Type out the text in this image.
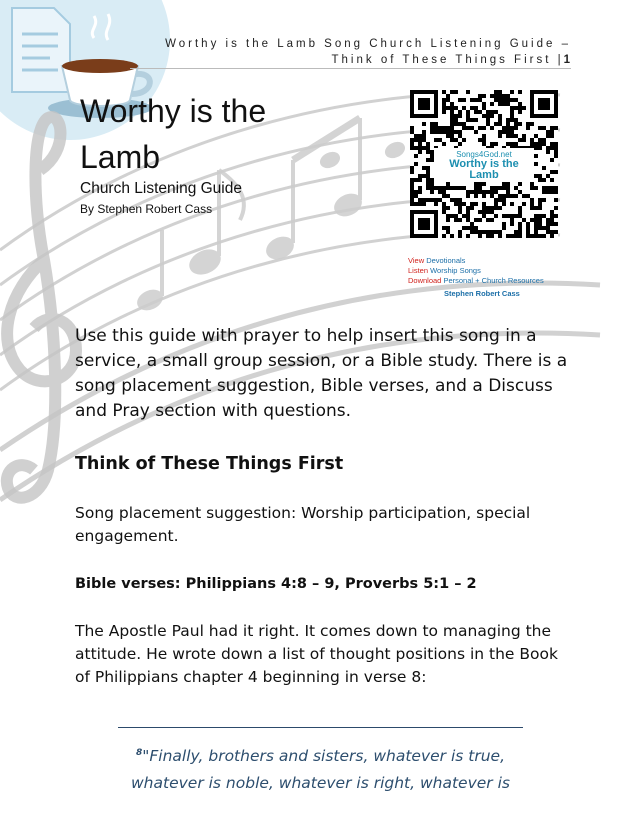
Worthy is the Lamb Song Church Listening Guide –
Think of These Things First |1
Worthy is the Lamb
Church Listening Guide
By Stephen Robert Cass
Songs4God.net
Worthy is the Lamb
View Devotionals
Listen Worship Songs
Download Personal + Church Resources
Stephen Robert Cass

Use this guide with prayer to help insert this song in a service, a small group session, or a Bible study. There is a song placement suggestion, Bible verses, and a Discuss and Pray section with questions.

Think of These Things First

Song placement suggestion: Worship participation, special engagement.

Bible verses: Philippians 4:8 – 9, Proverbs 5:1 – 2

The Apostle Paul had it right. It comes down to managing the attitude. He wrote down a list of thought positions in the Book of Philippians chapter 4 beginning in verse 8:

$^8$"Finally, brothers and sisters, whatever is true, whatever is noble, whatever is right, whatever is
